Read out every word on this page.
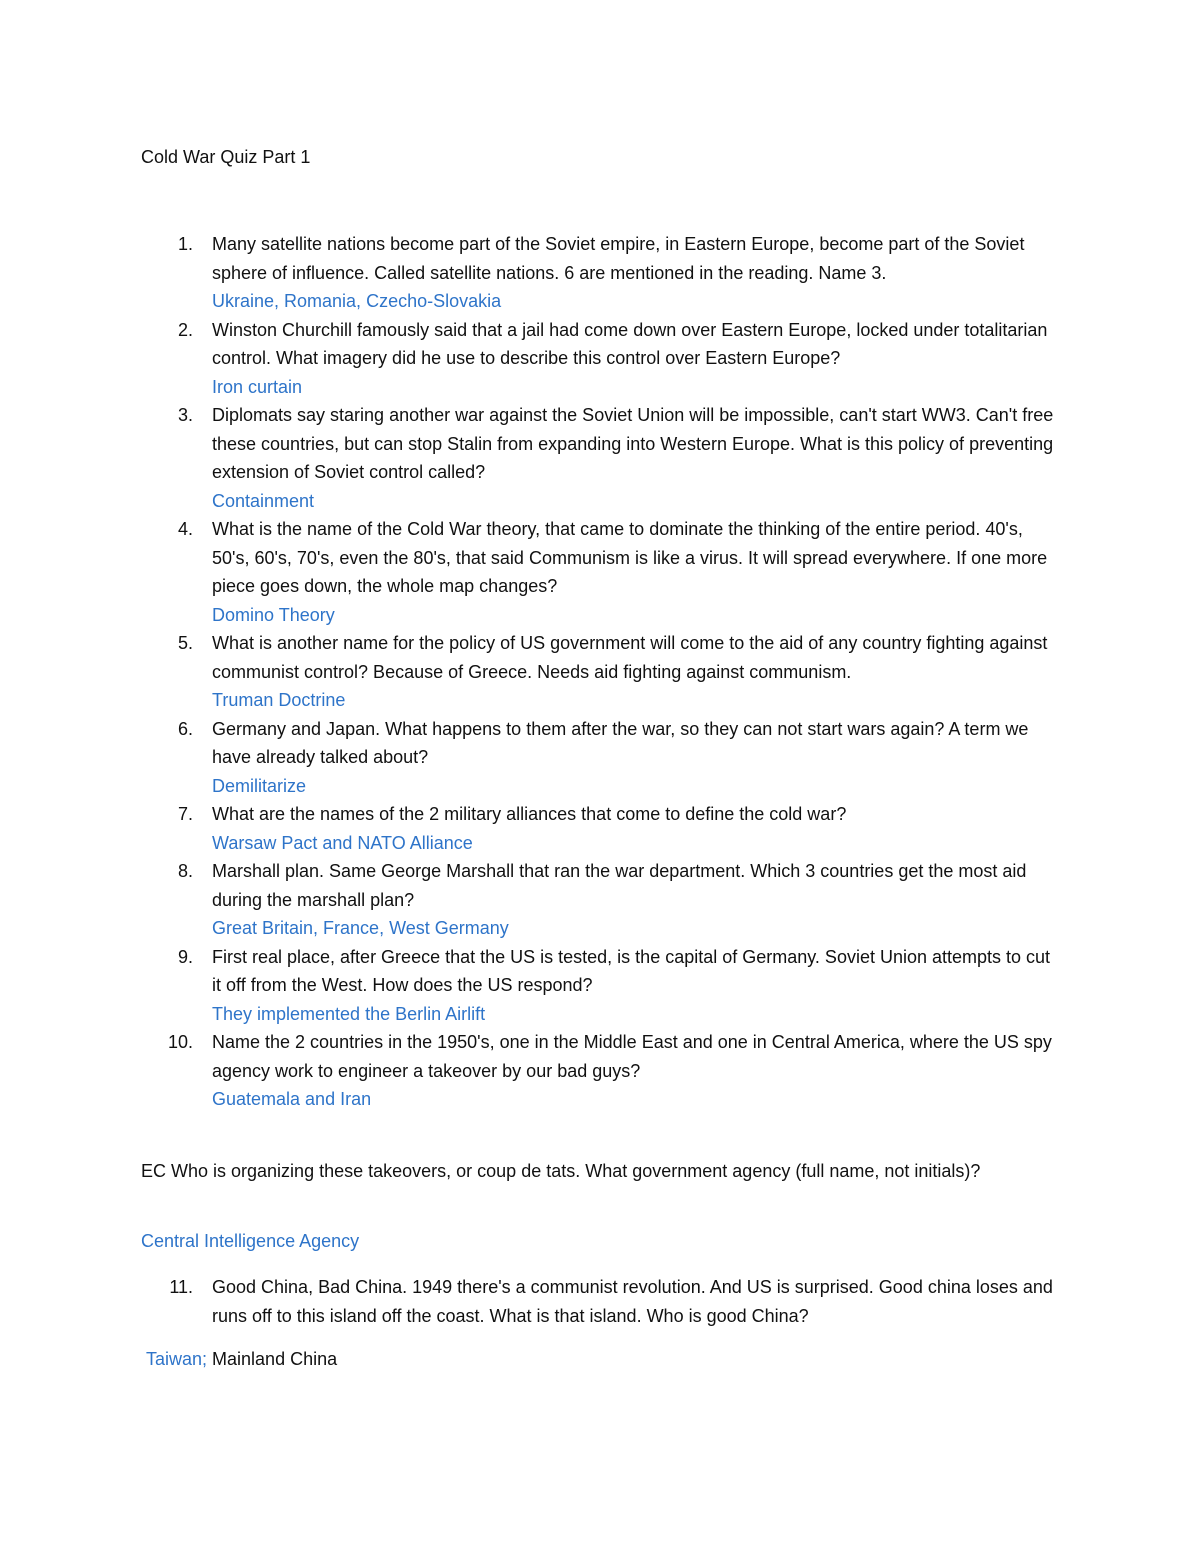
Cold War Quiz Part 1
1. Many satellite nations become part of the Soviet empire, in Eastern Europe, become part of the Soviet sphere of influence. Called satellite nations. 6 are mentioned in the reading. Name 3.
Ukraine, Romania, Czecho-Slovakia
2. Winston Churchill famously said that a jail had come down over Eastern Europe, locked under totalitarian control. What imagery did he use to describe this control over Eastern Europe?
Iron curtain
3. Diplomats say staring another war against the Soviet Union will be impossible, can't start WW3. Can't free these countries, but can stop Stalin from expanding into Western Europe. What is this policy of preventing extension of Soviet control called?
Containment
4. What is the name of the Cold War theory, that came to dominate the thinking of the entire period. 40's, 50's, 60's, 70's, even the 80's, that said Communism is like a virus. It will spread everywhere. If one more piece goes down, the whole map changes?
Domino Theory
5. What is another name for the policy of US government will come to the aid of any country fighting against communist control? Because of Greece. Needs aid fighting against communism.
Truman Doctrine
6. Germany and Japan. What happens to them after the war, so they can not start wars again? A term we have already talked about?
Demilitarize
7. What are the names of the 2 military alliances that come to define the cold war?
Warsaw Pact and NATO Alliance
8. Marshall plan. Same George Marshall that ran the war department. Which 3 countries get the most aid during the marshall plan?
Great Britain, France, West Germany
9. First real place, after Greece that the US is tested, is the capital of Germany. Soviet Union attempts to cut it off from the West. How does the US respond?
They implemented the Berlin Airlift
10. Name the 2 countries in the 1950's, one in the Middle East and one in Central America, where the US spy agency work to engineer a takeover by our bad guys?
Guatemala and Iran
EC Who is organizing these takeovers, or coup de tats. What government agency (full name, not initials)?
Central Intelligence Agency
11. Good China, Bad China. 1949 there's a communist revolution. And US is surprised. Good china loses and runs off to this island off the coast. What is that island. Who is good China?
Taiwan; Mainland China
